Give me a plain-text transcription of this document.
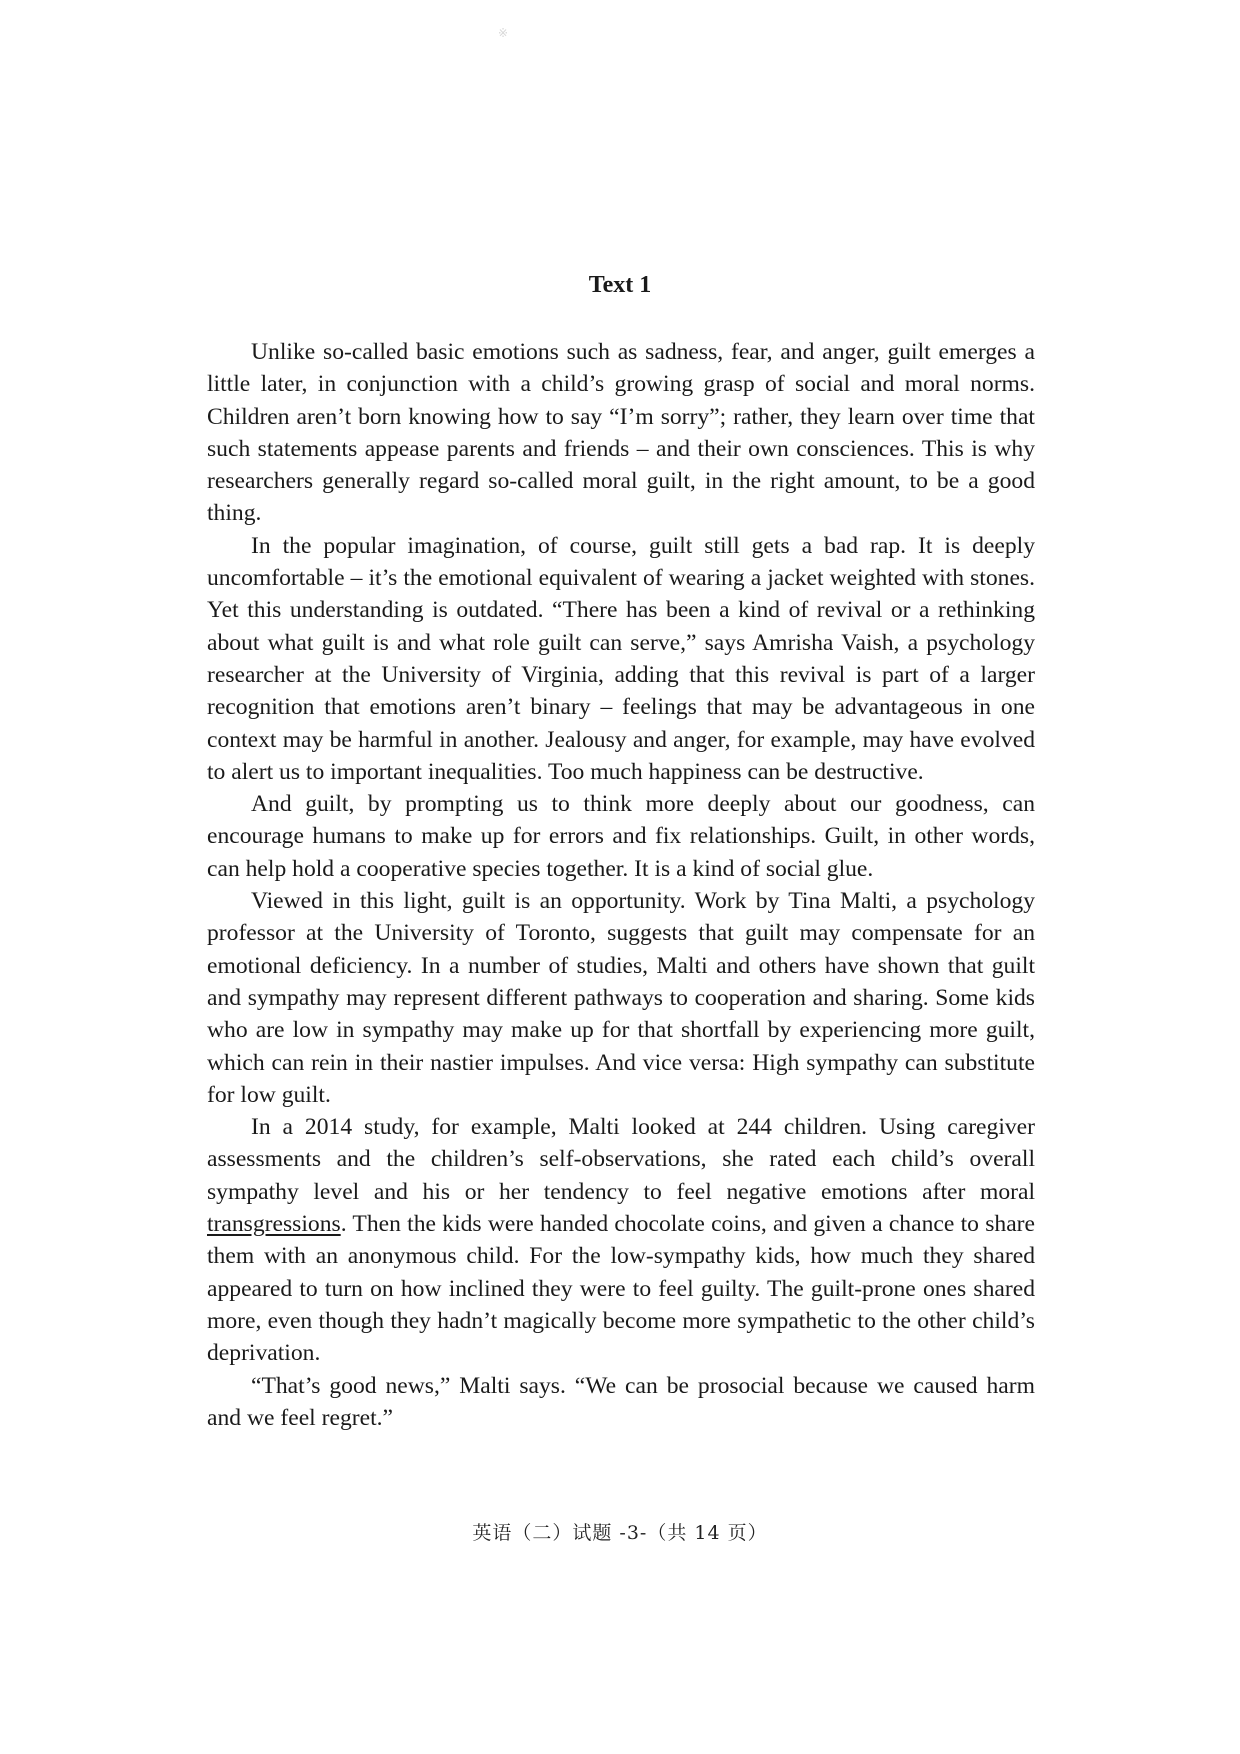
※
Text 1

Unlike so-called basic emotions such as sadness, fear, and anger, guilt emerges a little later, in conjunction with a child’s growing grasp of social and moral norms. Children aren’t born knowing how to say “I’m sorry”; rather, they learn over time that such statements appease parents and friends – and their own consciences. This is why researchers generally regard so-called moral guilt, in the right amount, to be a good thing.

In the popular imagination, of course, guilt still gets a bad rap. It is deeply uncomfortable – it’s the emotional equivalent of wearing a jacket weighted with stones. Yet this understanding is outdated. “There has been a kind of revival or a rethinking about what guilt is and what role guilt can serve,” says Amrisha Vaish, a psychology researcher at the University of Virginia, adding that this revival is part of a larger recognition that emotions aren’t binary – feelings that may be advantageous in one context may be harmful in another. Jealousy and anger, for example, may have evolved to alert us to important inequalities. Too much happiness can be destructive.

And guilt, by prompting us to think more deeply about our goodness, can encourage humans to make up for errors and fix relationships. Guilt, in other words, can help hold a cooperative species together. It is a kind of social glue.

Viewed in this light, guilt is an opportunity. Work by Tina Malti, a psychology professor at the University of Toronto, suggests that guilt may compensate for an emotional deficiency. In a number of studies, Malti and others have shown that guilt and sympathy may represent different pathways to cooperation and sharing. Some kids who are low in sympathy may make up for that shortfall by experiencing more guilt, which can rein in their nastier impulses. And vice versa: High sympathy can substitute for low guilt.

In a 2014 study, for example, Malti looked at 244 children. Using caregiver assessments and the children’s self-observations, she rated each child’s overall sympathy level and his or her tendency to feel negative emotions after moral transgressions. Then the kids were handed chocolate coins, and given a chance to share them with an anonymous child. For the low-sympathy kids, how much they shared appeared to turn on how inclined they were to feel guilty. The guilt-prone ones shared more, even though they hadn’t magically become more sympathetic to the other child’s deprivation.

“That’s good news,” Malti says. “We can be prosocial because we caused harm and we feel regret.”

英语（二）试题 -3-（共 14 页）
